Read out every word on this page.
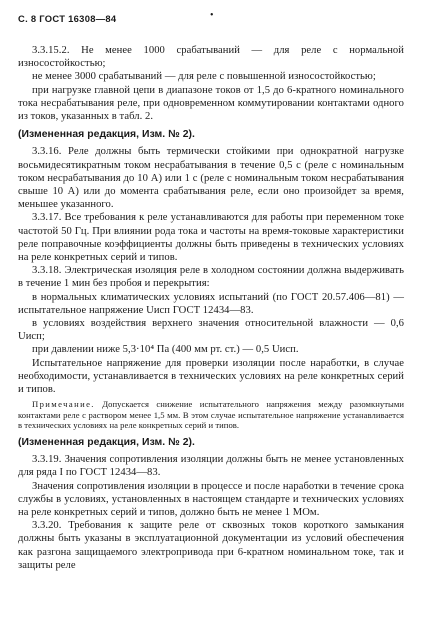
С. 8 ГОСТ 16308—84	•

3.3.15.2. Не менее 1000 срабатываний — для реле с нормальной износостойкостью;

не менее 3000 срабатываний — для реле с повышенной износостойкостью;

при нагрузке главной цепи в диапазоне токов от 1,5 до 6-кратного номинального тока несрабатывания реле, при одновременном коммутировании контактами одного из токов, указанных в табл. 2.

(Измененная редакция, Изм. № 2).

3.3.16. Реле должны быть термически стойкими при однократной нагрузке восьмидесятикратным током несрабатывания в течение 0,5 с (реле с номинальным током несрабатывания до 10 А) или 1 с (реле с номинальным током несрабатывания свыше 10 А) или до момента срабатывания реле, если оно произойдет за время, меньшее указанного.

3.3.17. Все требования к реле устанавливаются для работы при переменном токе частотой 50 Гц. При влиянии рода тока и частоты на время-токовые характеристики реле поправочные коэффициенты должны быть приведены в технических условиях на реле конкретных серий и типов.

3.3.18. Электрическая изоляция реле в холодном состоянии должна выдерживать в течение 1 мин без пробоя и перекрытия:

в нормальных климатических условиях испытаний (по ГОСТ 20.57.406—81) — испытательное напряжение Uисп ГОСТ 12434—83.

в условиях воздействия верхнего значения относительной влажности — 0,6 Uисп;

при давлении ниже 5,3·10⁴ Па (400 мм рт. ст.) — 0,5 Uисп.

Испытательное напряжение для проверки изоляции после наработки, в случае необходимости, устанавливается в технических условиях на реле конкретных серий и типов.

Примечание. Допускается снижение испытательного напряжения между разомкнутыми контактами реле с раствором менее 1,5 мм. В этом случае испытательное напряжение устанавливается в технических условиях на реле конкретных серий и типов.

(Измененная редакция, Изм. № 2).

3.3.19. Значения сопротивления изоляции должны быть не менее установленных для ряда I по ГОСТ 12434—83.

Значения сопротивления изоляции в процессе и после наработки в течение срока службы в условиях, установленных в настоящем стандарте и технических условиях на реле конкретных серий и типов, должно быть не менее 1 МОм.

3.3.20. Требования к защите реле от сквозных токов короткого замыкания должны быть указаны в эксплуатационной документации из условий обеспечения как разгона защищаемого электропривода при 6-кратном номинальном токе, так и защиты реле
